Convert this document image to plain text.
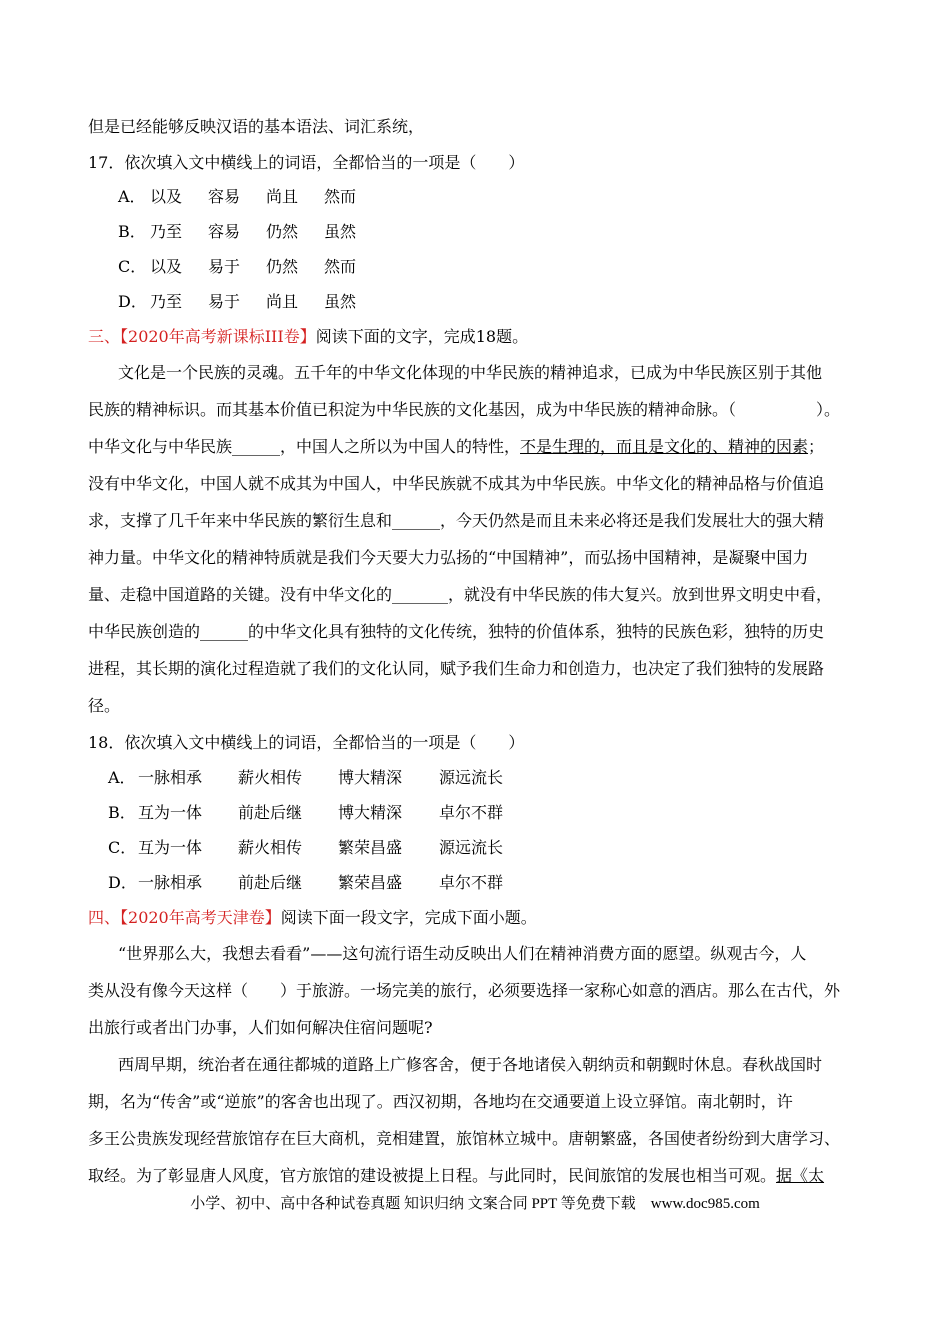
但是已经能够反映汉语的基本语法、词汇系统，
17．依次填入文中横线上的词语，全都恰当的一项是（　　）
A． 以及 容易 尚且 然而
B． 乃至 容易 仍然 虽然
C． 以及 易于 仍然 然而
D． 乃至 易于 尚且 虽然
三、【2020年高考新课标III卷】阅读下面的文字，完成18题。
文化是一个民族的灵魂。五千年的中华文化体现的中华民族的精神追求，已成为中华民族区别于其他
民族的精神标识。而其基本价值已积淀为中华民族的文化基因，成为中华民族的精神命脉。（　　　　　）。
中华文化与中华民族______，中国人之所以为中国人的特性，不是生理的，而且是文化的、精神的因素；
没有中华文化，中国人就不成其为中国人，中华民族就不成其为中华民族。中华文化的精神品格与价值追
求，支撑了几千年来中华民族的繁衍生息和______，今天仍然是而且未来必将还是我们发展壮大的强大精
神力量。中华文化的精神特质就是我们今天要大力弘扬的“中国精神”，而弘扬中国精神，是凝聚中国力
量、走稳中国道路的关键。没有中华文化的_______，就没有中华民族的伟大复兴。放到世界文明史中看，
中华民族创造的______的中华文化具有独特的文化传统，独特的价值体系，独特的民族色彩，独特的历史
进程，其长期的演化过程造就了我们的文化认同，赋予我们生命力和创造力，也决定了我们独特的发展路
径。
18．依次填入文中横线上的词语，全都恰当的一项是（　　）
A． 一脉相承 薪火相传 博大精深 源远流长
B． 互为一体 前赴后继 博大精深 卓尔不群
C． 互为一体 薪火相传 繁荣昌盛 源远流长
D． 一脉相承 前赴后继 繁荣昌盛 卓尔不群
四、【2020年高考天津卷】阅读下面一段文字，完成下面小题。
“世界那么大，我想去看看”——这句流行语生动反映出人们在精神消费方面的愿望。纵观古今，人
类从没有像今天这样（　　）于旅游。一场完美的旅行，必须要选择一家称心如意的酒店。那么在古代，外
出旅行或者出门办事，人们如何解决住宿问题呢?
西周早期，统治者在通往都城的道路上广修客舍，便于各地诸侯入朝纳贡和朝觐时休息。春秋战国时
期，名为“传舍”或“逆旅”的客舍也出现了。西汉初期，各地均在交通要道上设立驿馆。南北朝时，许
多王公贵族发现经营旅馆存在巨大商机，竞相建置，旅馆林立城中。唐朝繁盛，各国使者纷纷到大唐学习、
取经。为了彰显唐人风度，官方旅馆的建设被提上日程。与此同时，民间旅馆的发展也相当可观。据《太
小学、初中、高中各种试卷真题 知识归纳 文案合同 PPT 等免费下载　www.doc985.com
